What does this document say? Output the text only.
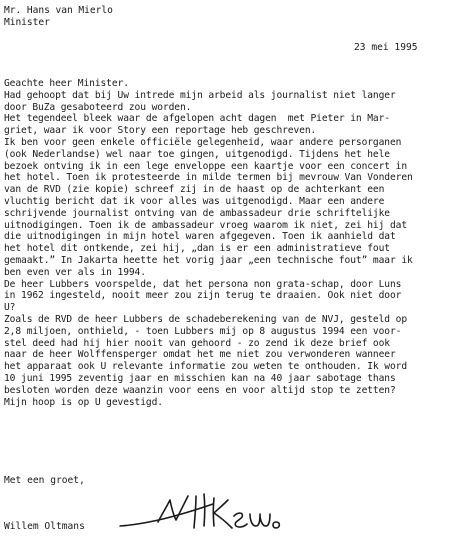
Mr. Hans van Mierlo
Minister
23 mei 1995
Geachte heer Minister.
Had gehoopt dat bij Uw intrede mijn arbeid als journalist niet langer
door BuZa gesaboteerd zou worden.
Het tegendeel bleek waar de afgelopen acht dagen  met Pieter in Mar-
griet, waar ik voor Story een reportage heb geschreven.
Ik ben voor geen enkele officiële gelegenheid, waar andere persorganen
(ook Nederlandse) wel naar toe gingen, uitgenodigd. Tijdens het hele
bezoek ontving ik in een lege enveloppe een kaartje voor een concert in
het hotel. Toen ik protesteerde in milde termen bij mevrouw Van Vonderen
van de RVD (zie kopie) schreef zij in de haast op de achterkant een
vluchtig bericht dat ik voor alles was uitgenodigd. Maar een andere
schrijvende journalist ontving van de ambassadeur drie schriftelijke
uitnodigingen. Toen ik de ambassadeur vroeg waarom ik niet, zei hij dat
die uitnodigingen in mijn hotel waren afgegeven. Toen ik aanhield dat
het hotel dit ontkende, zei hij, „dan is er een administratieve fout
gemaakt.” In Jakarta heette het vorig jaar „een technische fout” maar ik
ben even ver als in 1994.
De heer Lubbers voorspelde, dat het persona non grata-schap, door Luns
in 1962 ingesteld, nooit meer zou zijn terug te draaien. Ook niet door
U?
Zoals de RVD de heer Lubbers de schadeberekening van de NVJ, gesteld op
2,8 miljoen, onthield, - toen Lubbers mij op 8 augustus 1994 een voor-
stel deed had hij hier nooit van gehoord - zo zend ik deze brief ook
naar de heer Wolffensperger omdat het me niet zou verwonderen wanneer
het apparaat ook U relevante informatie zou weten te onthouden. Ik word
10 juni 1995 zeventig jaar en misschien kan na 40 jaar sabotage thans
besloten worden deze waanzin voor eens en voor altijd stop te zetten?
Mijn hoop is op U gevestigd.
Met een groet,
Willem Oltmans
